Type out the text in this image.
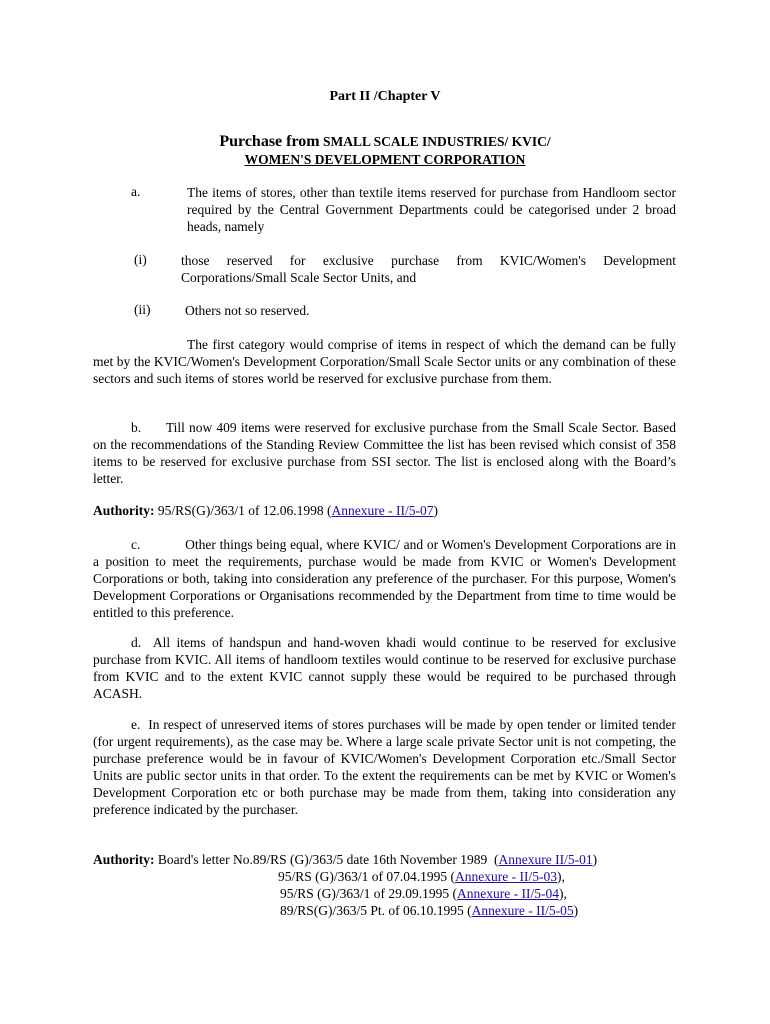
Part II /Chapter V
Purchase from SMALL SCALE INDUSTRIES/ KVIC/
WOMEN'S DEVELOPMENT CORPORATION
a.	The items of stores, other than textile items reserved for purchase from Handloom sector required by the Central Government Departments could be categorised under 2 broad heads, namely
(i)	those reserved for exclusive purchase from KVIC/Women's Development Corporations/Small Scale Sector Units, and
(ii)	Others not so reserved.
The first category would comprise of items in respect of which the demand can be fully met by the KVIC/Women's Development Corporation/Small Scale Sector units or any combination of these sectors and such items of stores world be reserved for exclusive purchase from them.
b. Till now 409 items were reserved for exclusive purchase from the Small Scale Sector. Based on the recommendations of the Standing Review Committee the list has been revised which consist of 358 items to be reserved for exclusive purchase from SSI sector. The list is enclosed along with the Board’s letter.
Authority: 95/RS(G)/363/1 of 12.06.1998 (Annexure - II/5-07)
c.	Other things being equal, where KVIC/ and or Women's Development Corporations are in a position to meet the requirements, purchase would be made from KVIC or Women's Development Corporations or both, taking into consideration any preference of the purchaser. For this purpose, Women's Development Corporations or Organisations recommended by the Department from time to time would be entitled to this preference.
d. All items of handspun and hand-woven khadi would continue to be reserved for exclusive purchase from KVIC. All items of handloom textiles would continue to be reserved for exclusive purchase from KVIC and to the extent KVIC cannot supply these would be required to be purchased through ACASH.
e. In respect of unreserved items of stores purchases will be made by open tender or limited tender (for urgent requirements), as the case may be. Where a large scale private Sector unit is not competing, the purchase preference would be in favour of KVIC/Women's Development Corporation etc./Small Sector Units are public sector units in that order. To the extent the requirements can be met by KVIC or Women's Development Corporation etc or both purchase may be made from them, taking into consideration any preference indicated by the purchaser.
Authority: Board's letter No.89/RS (G)/363/5 date 16th November 1989 (Annexure II/5-01)
95/RS (G)/363/1 of 07.04.1995 (Annexure - II/5-03),
95/RS (G)/363/1 of 29.09.1995 (Annexure - II/5-04),
89/RS(G)/363/5 Pt. of 06.10.1995 (Annexure - II/5-05)
